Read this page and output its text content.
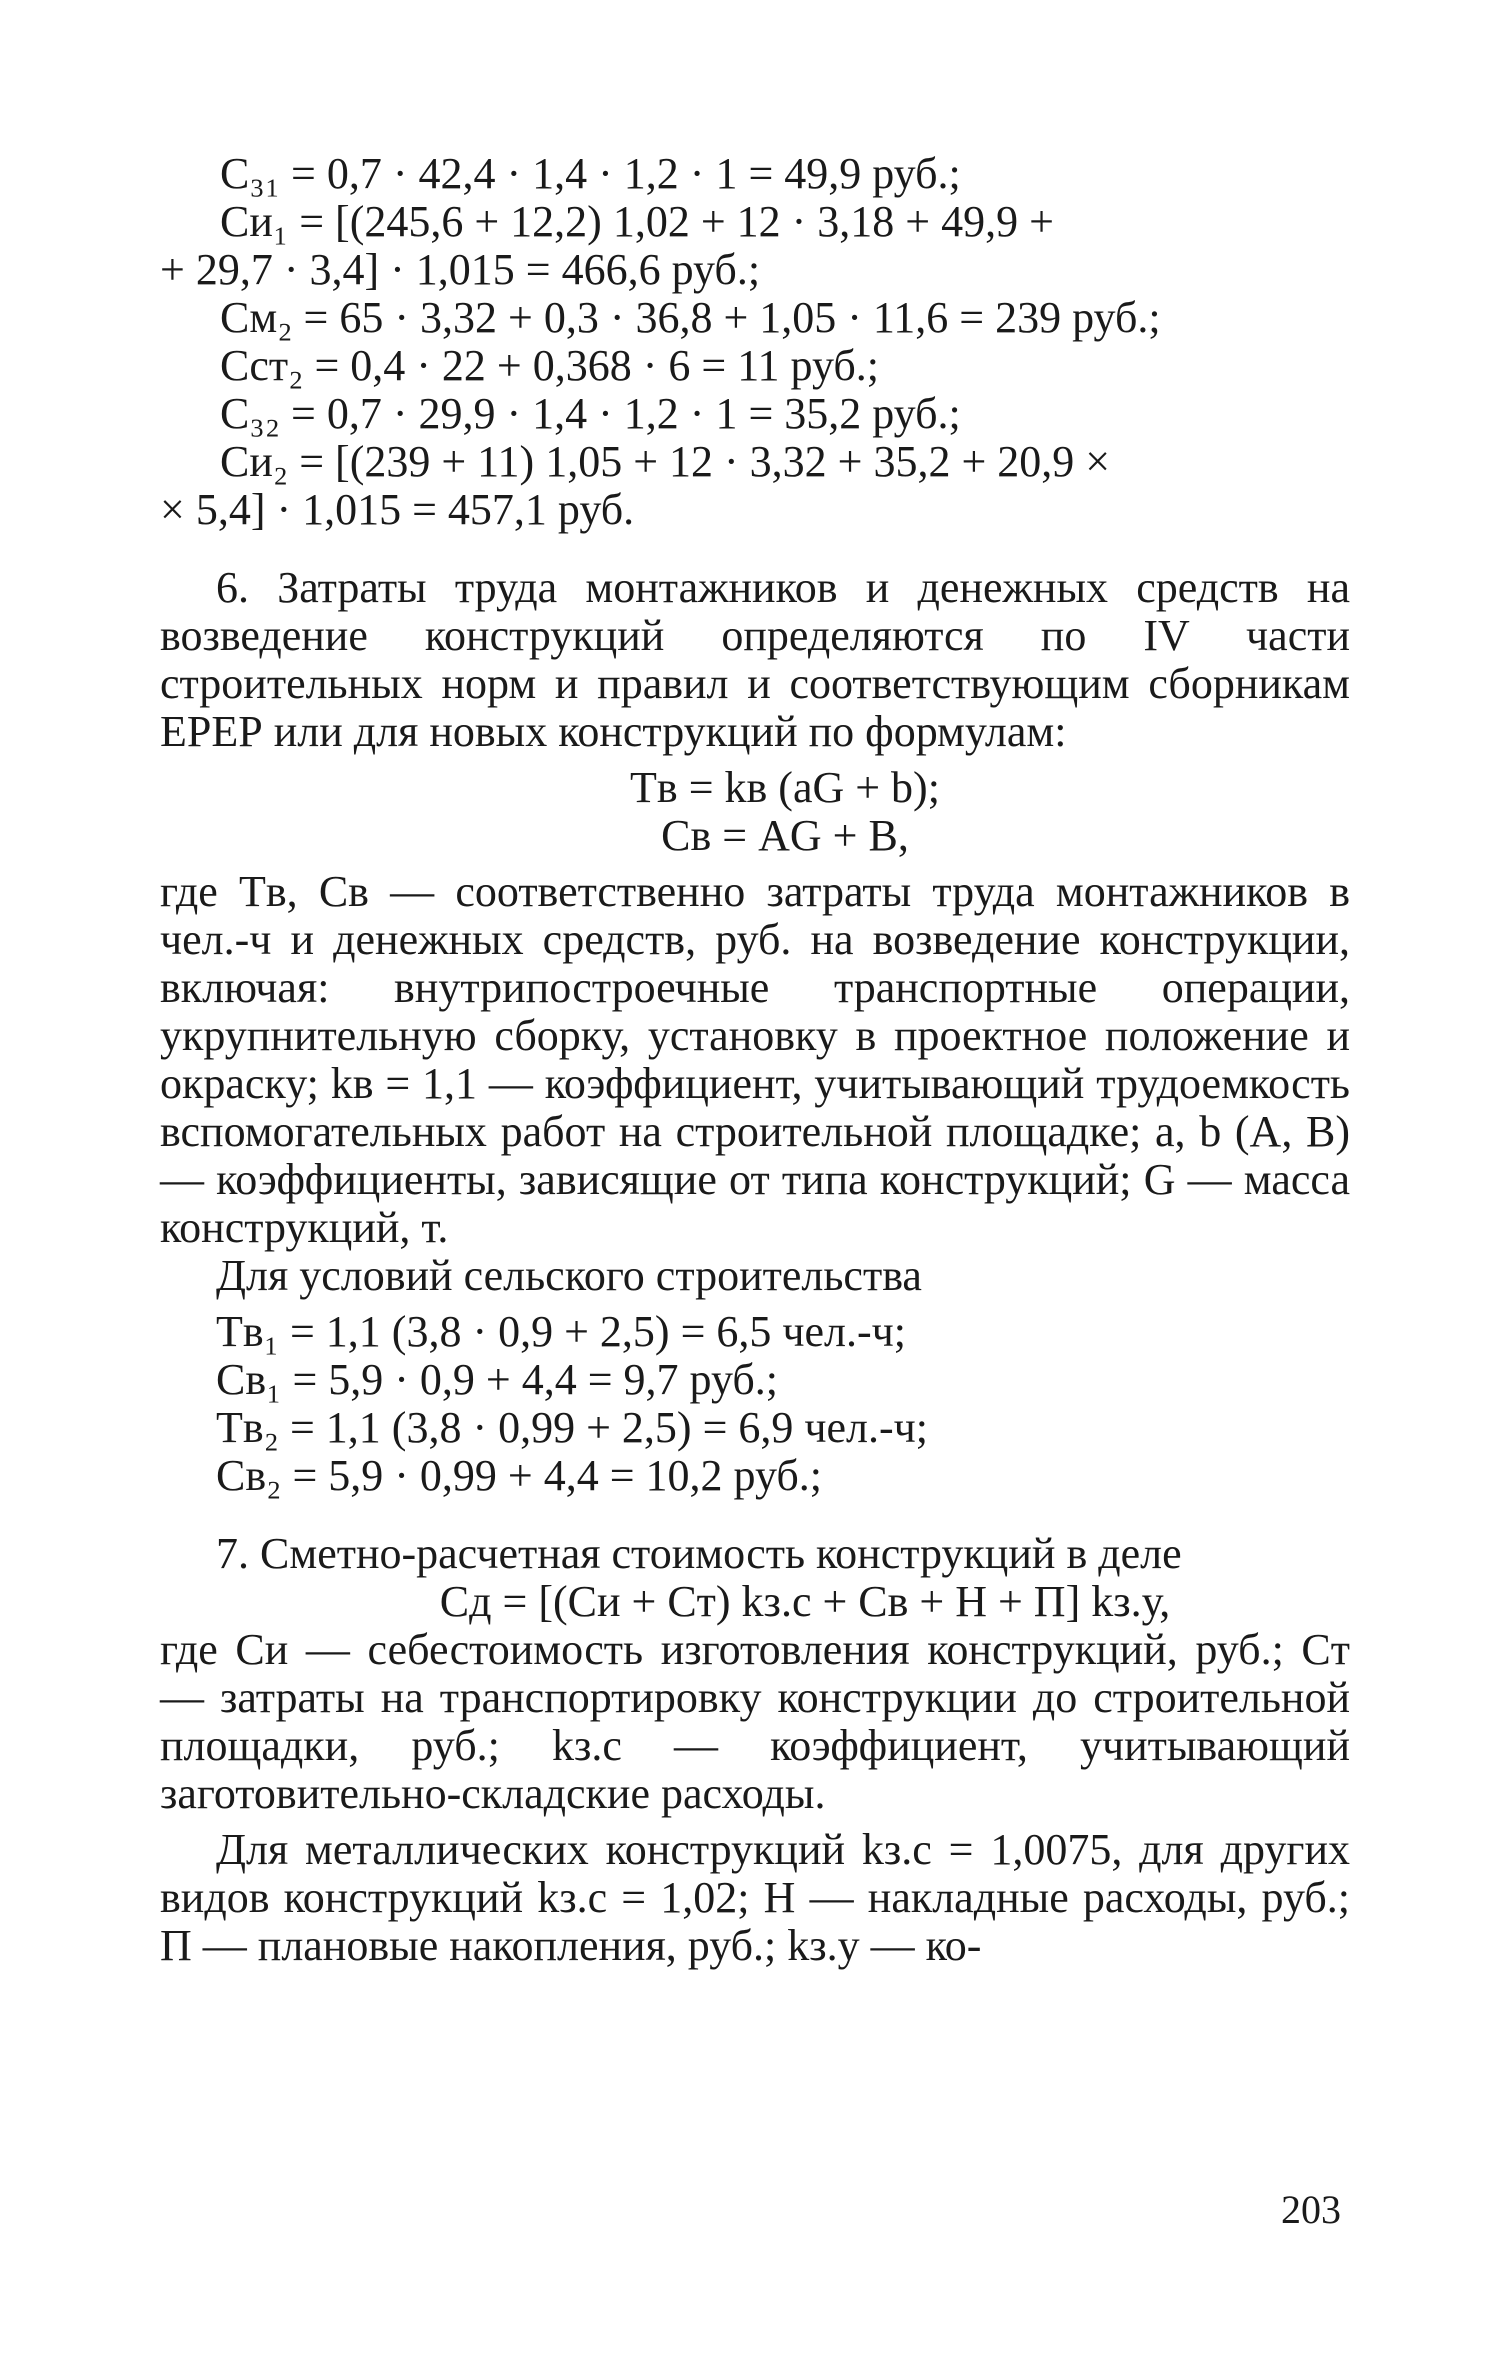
C₃₁ = 0,7 · 42,4 · 1,4 · 1,2 · 1 = 49,9 руб.;
Cи₁ = [(245,6 + 12,2) 1,02 + 12 · 3,18 + 49,9 +
+ 29,7 · 3,4] · 1,015 = 466,6 руб.;
Cм₂ = 65 · 3,32 + 0,3 · 36,8 + 1,05 · 11,6 = 239 руб.;
Cст₂ = 0,4 · 22 + 0,368 · 6 = 11 руб.;
C₃₂ = 0,7 · 29,9 · 1,4 · 1,2 · 1 = 35,2 руб.;
Cи₂ = [(239 + 11) 1,05 + 12 · 3,32 + 35,2 + 20,9 ×
× 5,4] · 1,015 = 457,1 руб.
6. Затраты труда монтажников и денежных средств на возведение конструкций определяются по IV части строительных норм и правил и соответствующим сборникам ЕРЕР или для новых конструкций по формулам:
Tв = kв (aG + b);
Cв = AG + B,
где Tв, Cв — соответственно затраты труда монтажников в чел.-ч и денежных средств, руб. на возведение конструкции, включая: внутрипостроечные транспортные операции, укрупнительную сборку, установку в проектное положение и окраску; kв = 1,1 — коэффициент, учитывающий трудоемкость вспомогательных работ на строительной площадке; a, b (A, B) — коэффициенты, зависящие от типа конструкций; G — масса конструкций, т.
Для условий сельского строительства
Tв₁ = 1,1 (3,8 · 0,9 + 2,5) = 6,5 чел.-ч;
Cв₁ = 5,9 · 0,9 + 4,4 = 9,7 руб.;
Tв₂ = 1,1 (3,8 · 0,99 + 2,5) = 6,9 чел.-ч;
Cв₂ = 5,9 · 0,99 + 4,4 = 10,2 руб.;
7. Сметно-расчетная стоимость конструкций в деле
Cд = [(Cи + Cт) kз.с + Cв + H + П] kз.у,
где Cи — себестоимость изготовления конструкций, руб.; Cт — затраты на транспортировку конструкции до строительной площадки, руб.; kз.с — коэффициент, учитывающий заготовительно-складские расходы.
Для металлических конструкций kз.с = 1,0075, для других видов конструкций kз.с = 1,02; H — накладные расходы, руб.; П — плановые накопления, руб.; kз.у — ко-
203
